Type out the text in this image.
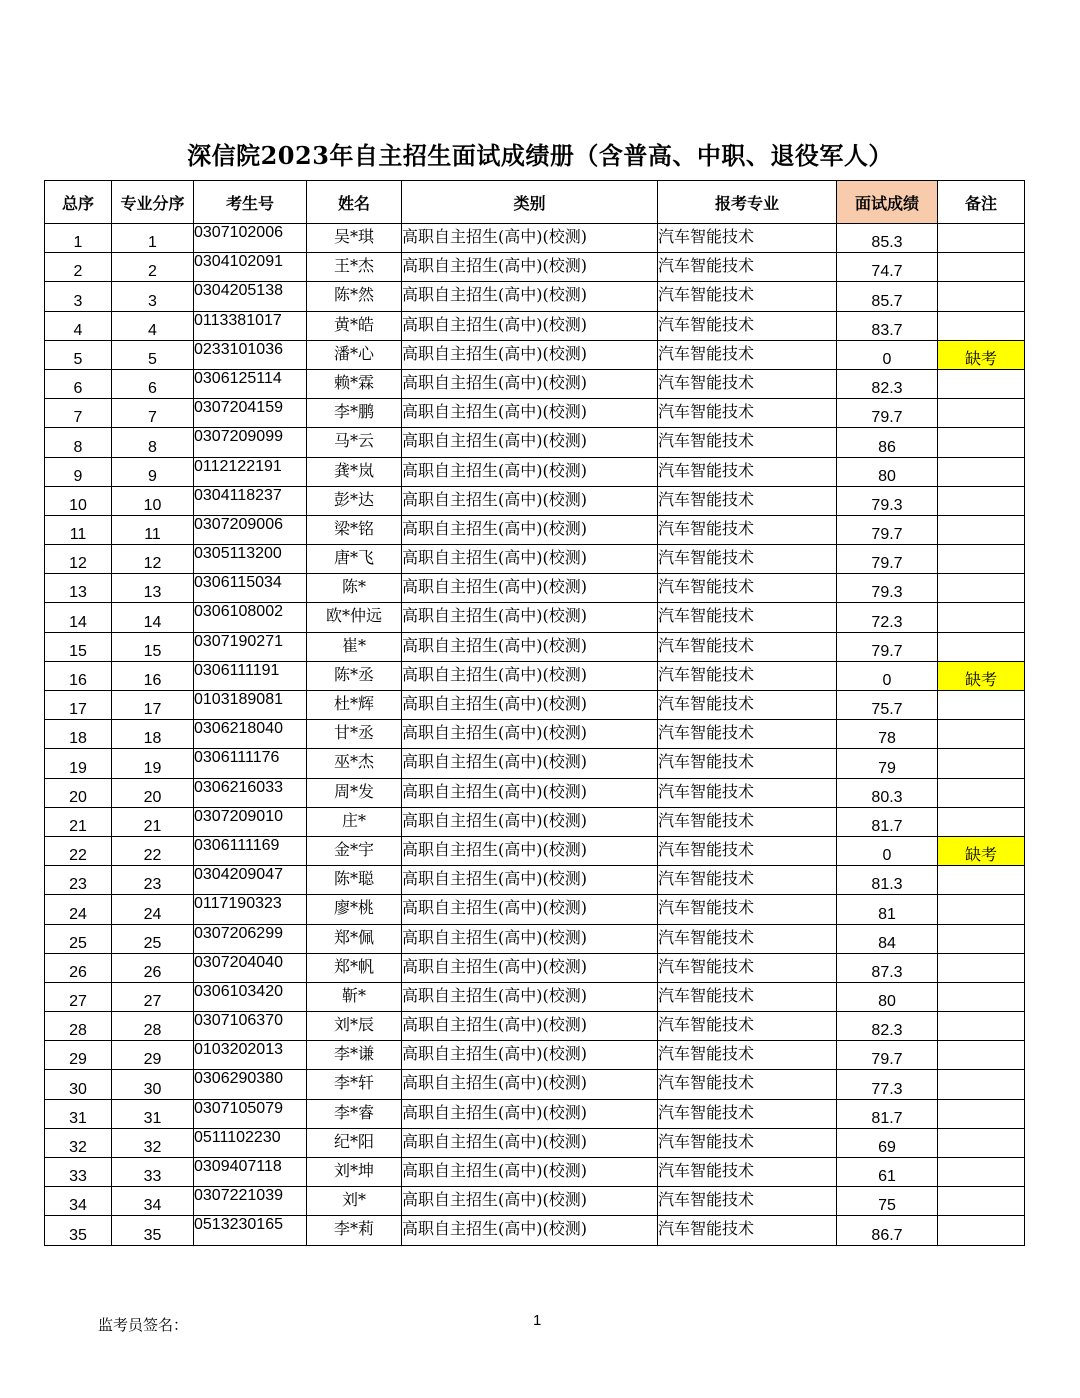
深信院2023年自主招生面试成绩册（含普高、中职、退役军人）
总序	专业分序	考生号	姓名	类别	报考专业	面试成绩	备注
1	1	0307102006	吴*琪	高职自主招生(高中)(校测)	汽车智能技术	85.3	
2	2	0304102091	王*杰	高职自主招生(高中)(校测)	汽车智能技术	74.7	
3	3	0304205138	陈*然	高职自主招生(高中)(校测)	汽车智能技术	85.7	
4	4	0113381017	黄*皓	高职自主招生(高中)(校测)	汽车智能技术	83.7	
5	5	0233101036	潘*心	高职自主招生(高中)(校测)	汽车智能技术	0	缺考
6	6	0306125114	赖*霖	高职自主招生(高中)(校测)	汽车智能技术	82.3	
7	7	0307204159	李*鹏	高职自主招生(高中)(校测)	汽车智能技术	79.7	
8	8	0307209099	马*云	高职自主招生(高中)(校测)	汽车智能技术	86	
9	9	0112122191	龚*岚	高职自主招生(高中)(校测)	汽车智能技术	80	
10	10	0304118237	彭*达	高职自主招生(高中)(校测)	汽车智能技术	79.3	
11	11	0307209006	梁*铭	高职自主招生(高中)(校测)	汽车智能技术	79.7	
12	12	0305113200	唐*飞	高职自主招生(高中)(校测)	汽车智能技术	79.7	
13	13	0306115034	陈*	高职自主招生(高中)(校测)	汽车智能技术	79.3	
14	14	0306108002	欧*仲远	高职自主招生(高中)(校测)	汽车智能技术	72.3	
15	15	0307190271	崔*	高职自主招生(高中)(校测)	汽车智能技术	79.7	
16	16	0306111191	陈*丞	高职自主招生(高中)(校测)	汽车智能技术	0	缺考
17	17	0103189081	杜*辉	高职自主招生(高中)(校测)	汽车智能技术	75.7	
18	18	0306218040	甘*丞	高职自主招生(高中)(校测)	汽车智能技术	78	
19	19	0306111176	巫*杰	高职自主招生(高中)(校测)	汽车智能技术	79	
20	20	0306216033	周*发	高职自主招生(高中)(校测)	汽车智能技术	80.3	
21	21	0307209010	庄*	高职自主招生(高中)(校测)	汽车智能技术	81.7	
22	22	0306111169	金*宇	高职自主招生(高中)(校测)	汽车智能技术	0	缺考
23	23	0304209047	陈*聪	高职自主招生(高中)(校测)	汽车智能技术	81.3	
24	24	0117190323	廖*桃	高职自主招生(高中)(校测)	汽车智能技术	81	
25	25	0307206299	郑*佩	高职自主招生(高中)(校测)	汽车智能技术	84	
26	26	0307204040	郑*帆	高职自主招生(高中)(校测)	汽车智能技术	87.3	
27	27	0306103420	靳*	高职自主招生(高中)(校测)	汽车智能技术	80	
28	28	0307106370	刘*辰	高职自主招生(高中)(校测)	汽车智能技术	82.3	
29	29	0103202013	李*谦	高职自主招生(高中)(校测)	汽车智能技术	79.7	
30	30	0306290380	李*轩	高职自主招生(高中)(校测)	汽车智能技术	77.3	
31	31	0307105079	李*睿	高职自主招生(高中)(校测)	汽车智能技术	81.7	
32	32	0511102230	纪*阳	高职自主招生(高中)(校测)	汽车智能技术	69	
33	33	0309407118	刘*坤	高职自主招生(高中)(校测)	汽车智能技术	61	
34	34	0307221039	刘*	高职自主招生(高中)(校测)	汽车智能技术	75	
35	35	0513230165	李*莉	高职自主招生(高中)(校测)	汽车智能技术	86.7	
监考员签名：	1
